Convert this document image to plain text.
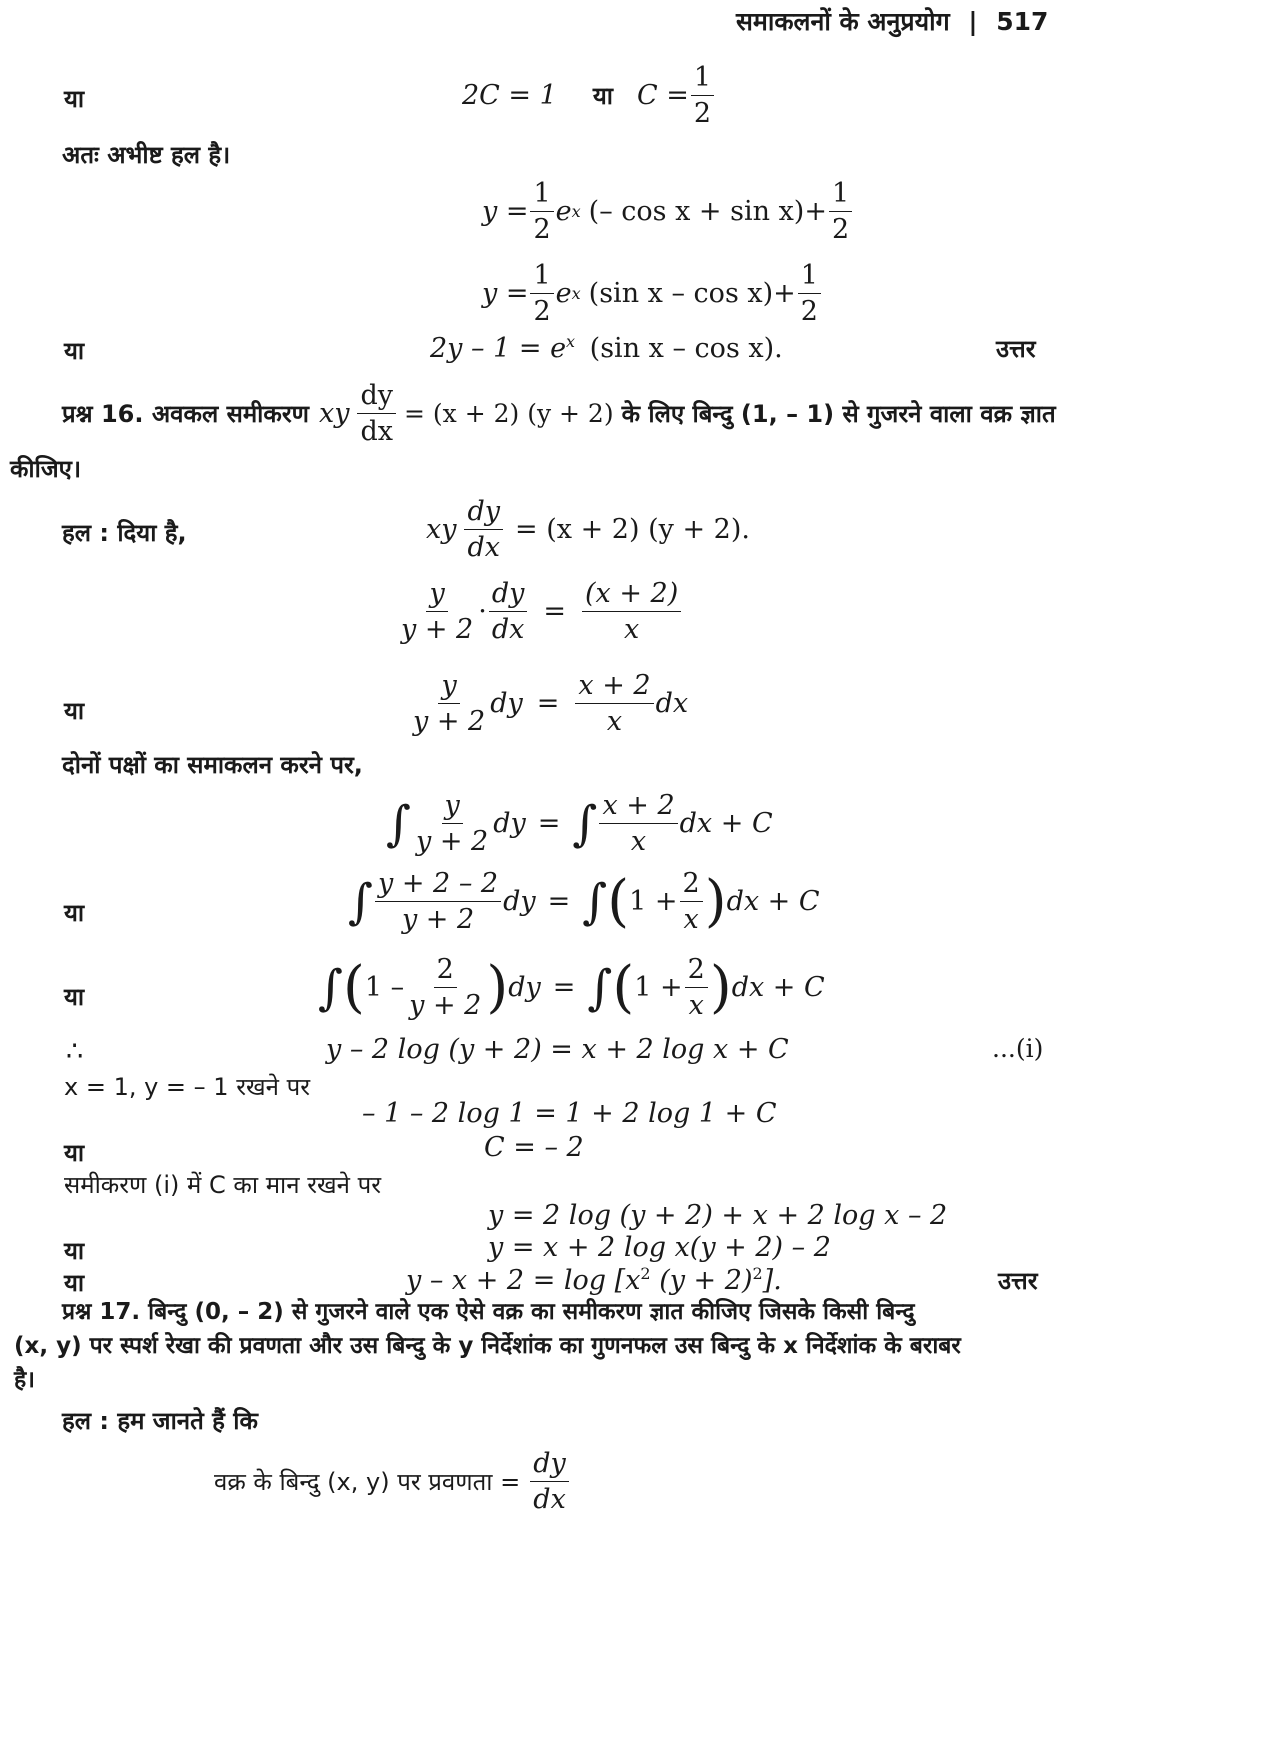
समाकलनों के अनुप्रयोग | 517
या	2C = 1 या $C = \frac{1}{2}$
अतः अभीष्ट हल है।
$y = \frac{1}{2}$ e x (– $\cos x + \sin x) + \frac{1}{2}$
$y = \frac{1}{2}$ e x (sin $x - \cos x) + \frac{1}{2}$
या	$2y - 1 = e^x$ (sin x – cos x).	उत्तर
प्रश्न 16. अवकल समीकरण xy $\frac{dy}{dx} = (x + 2) (y + 2)$ के लिए बिन्दु (1, – 1) से गुजरने वाला वक्र ज्ञात
कीजिए।
हल : दिया है,	xy $\frac{dy}{dx} = (x + 2) (y + 2)$.
$\frac{y}{y + 2} \cdot \frac{dy}{dx} = \frac{(x + 2)}{x}$
या	$\frac{y}{y + 2}$ dy = $\frac{x + 2}{x}$ dx
दोनों पक्षों का समाकलन करने पर,
∫ $\frac{y}{y + 2}$ dy = ∫ $\frac{x + 2}{x}$ dx + C
या	∫ $\frac{y + 2 - 2}{y + 2}$ dy = ∫ ( $1 + \frac{2}{x}$ ) dx + C
या	∫ ( $1 - \frac{2}{y + 2}$ ) dy = ∫ ( $1 + \frac{2}{x}$ ) dx + C
∴	y – 2 log (y + 2) = x + 2 log x + C	...(i)
x = 1, y = – 1 रखने पर
– 1 – 2 log 1 = 1 + 2 log 1 + C
या	C = – 2
समीकरण (i) में C का मान रखने पर
y = 2 log (y + 2) + x + 2 log x – 2
या	y = x + 2 log x(y + 2) – 2
या	$y - x + 2 = \log [x^2$ $(y + 2)^2$].	उत्तर
प्रश्न 17. बिन्दु (0, – 2) से गुजरने वाले एक ऐसे वक्र का समीकरण ज्ञात कीजिए जिसके किसी बिन्दु
(x, y) पर स्पर्श रेखा की प्रवणता और उस बिन्दु के y निर्देशांक का गुणनफल उस बिन्दु के x निर्देशांक के बराबर
है।
हल : हम जानते हैं कि
वक्र के बिन्दु (x, y) पर प्रवणता = $\frac{dy}{dx}$
